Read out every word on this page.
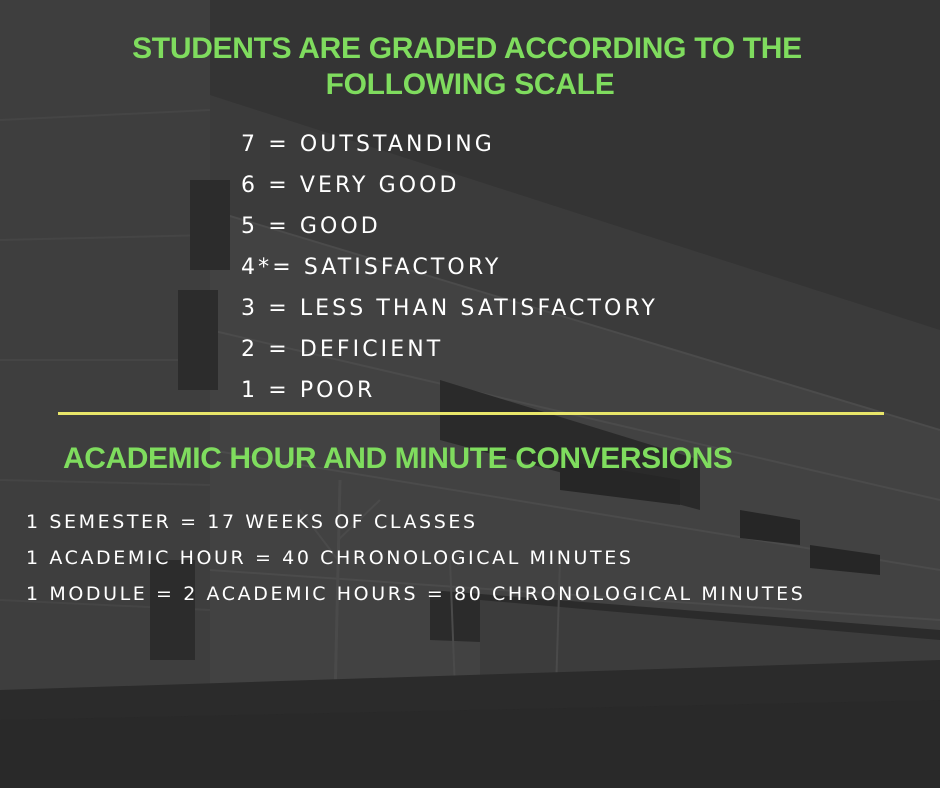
STUDENTS ARE GRADED ACCORDING TO THE
FOLLOWING SCALE
7 = OUTSTANDING
6 = VERY GOOD
5 = GOOD
4*= SATISFACTORY
3 = LESS THAN SATISFACTORY
2 = DEFICIENT
1 = POOR
ACADEMIC HOUR AND MINUTE CONVERSIONS
1 SEMESTER = 17 WEEKS OF CLASSES
1 ACADEMIC HOUR = 40 CHRONOLOGICAL MINUTES
1 MODULE = 2 ACADEMIC HOURS = 80 CHRONOLOGICAL MINUTES
